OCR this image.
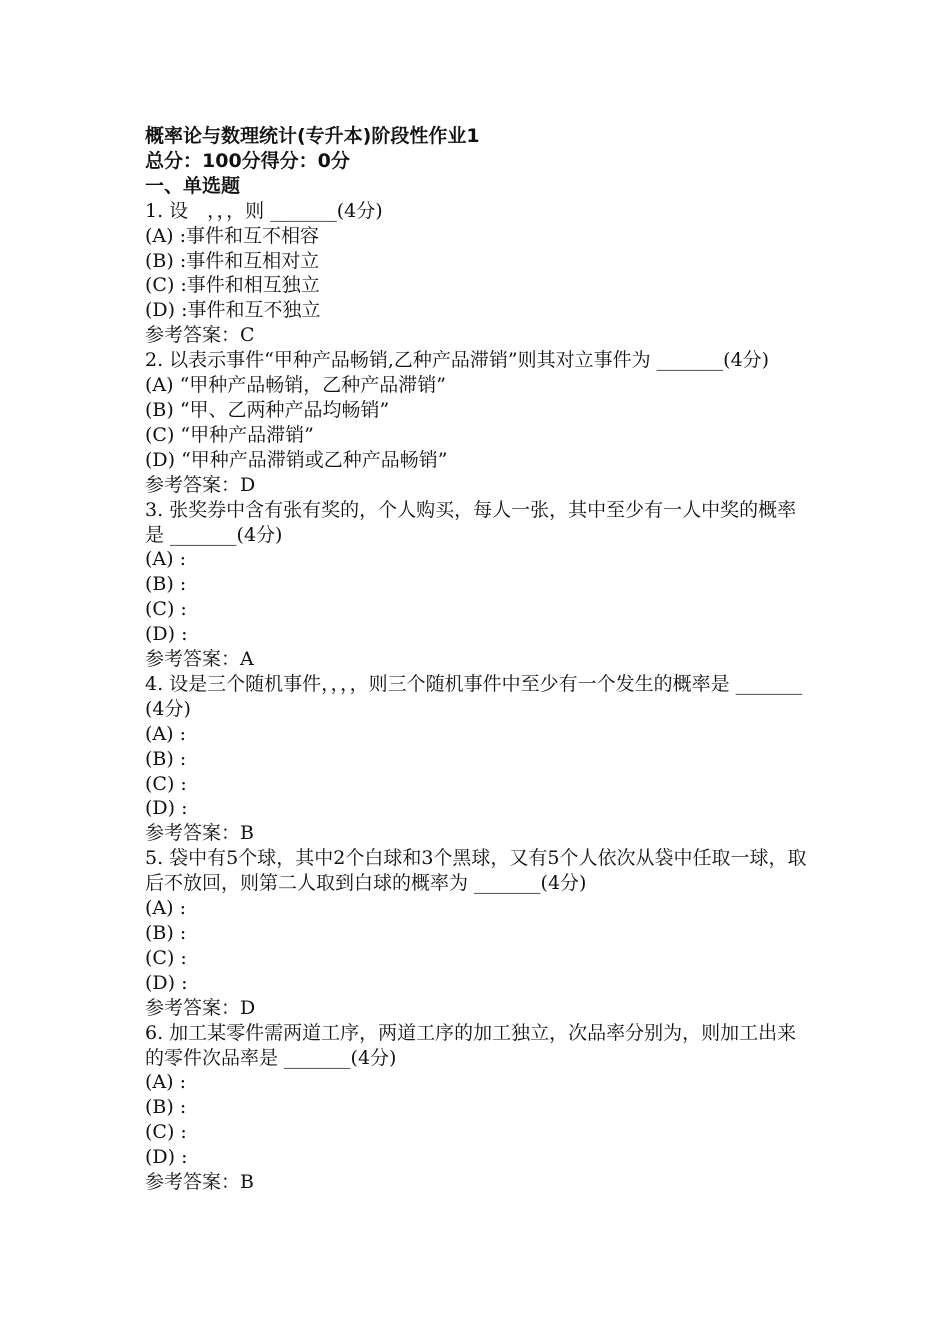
概率论与数理统计(专升本)阶段性作业1
总分：100分得分：0分
一、单选题
1. 设　，，，则 _______(4分)
(A) :事件和互不相容
(B) :事件和互相对立
(C) :事件和相互独立
(D) :事件和互不独立
参考答案：C
2. 以表示事件“甲种产品畅销,乙种产品滞销”则其对立事件为 _______(4分)
(A) “甲种产品畅销，乙种产品滞销”
(B) “甲、乙两种产品均畅销”
(C) “甲种产品滞销”
(D) “甲种产品滞销或乙种产品畅销”
参考答案：D
3. 张奖券中含有张有奖的，个人购买，每人一张，其中至少有一人中奖的概率是 _______(4分)
(A) :
(B) :
(C) :
(D) :
参考答案：A
4. 设是三个随机事件，，，，则三个随机事件中至少有一个发生的概率是 _______(4分)
(A) :
(B) :
(C) :
(D) :
参考答案：B
5. 袋中有5个球，其中2个白球和3个黑球，又有5个人依次从袋中任取一球，取后不放回，则第二人取到白球的概率为 _______(4分)
(A) :
(B) :
(C) :
(D) :
参考答案：D
6. 加工某零件需两道工序，两道工序的加工独立，次品率分别为，则加工出来的零件次品率是 _______(4分)
(A) :
(B) :
(C) :
(D) :
参考答案：B
